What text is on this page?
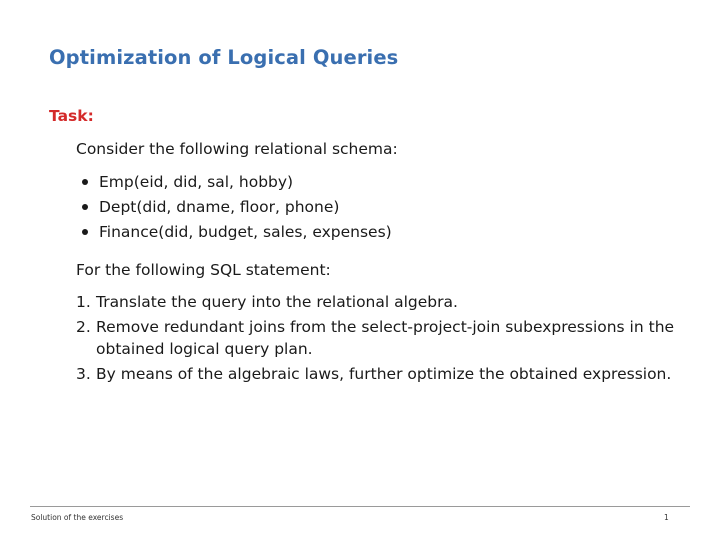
Optimization of Logical Queries
Task:
Consider the following relational schema:
Emp(eid, did, sal, hobby)
Dept(did, dname, floor, phone)
Finance(did, budget, sales, expenses)
For the following SQL statement:
1. Translate the query into the relational algebra.
2. Remove redundant joins from the select-project-join subexpressions in the obtained logical query plan.
3. By means of the algebraic laws, further optimize the obtained expression.
Solution of the exercises	1
